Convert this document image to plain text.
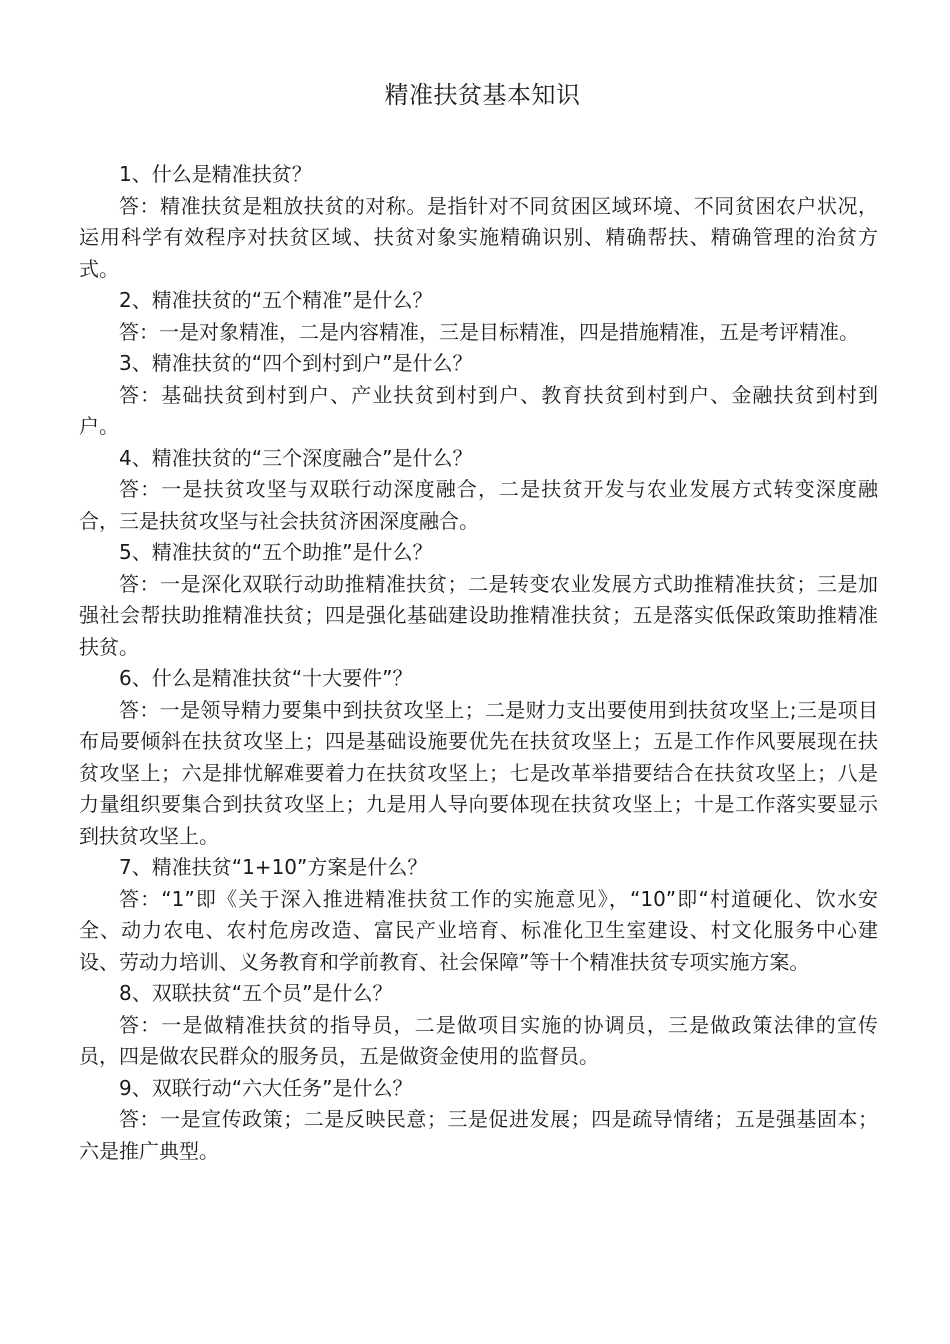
精准扶贫基本知识

1、什么是精准扶贫？

答：精准扶贫是粗放扶贫的对称。是指针对不同贫困区域环境、不同贫困农户状况，运用科学有效程序对扶贫区域、扶贫对象实施精确识别、精确帮扶、精确管理的治贫方式。

2、精准扶贫的“五个精准”是什么？

答：一是对象精准，二是内容精准，三是目标精准，四是措施精准，五是考评精准。

3、精准扶贫的“四个到村到户”是什么？

答：基础扶贫到村到户、产业扶贫到村到户、教育扶贫到村到户、金融扶贫到村到户。

4、精准扶贫的“三个深度融合”是什么？

答：一是扶贫攻坚与双联行动深度融合，二是扶贫开发与农业发展方式转变深度融合，三是扶贫攻坚与社会扶贫济困深度融合。

5、精准扶贫的“五个助推”是什么？

答：一是深化双联行动助推精准扶贫；二是转变农业发展方式助推精准扶贫；三是加强社会帮扶助推精准扶贫；四是强化基础建设助推精准扶贫；五是落实低保政策助推精准扶贫。

6、什么是精准扶贫“十大要件”？

答：一是领导精力要集中到扶贫攻坚上；二是财力支出要使用到扶贫攻坚上;三是项目布局要倾斜在扶贫攻坚上；四是基础设施要优先在扶贫攻坚上；五是工作作风要展现在扶贫攻坚上；六是排忧解难要着力在扶贫攻坚上；七是改革举措要结合在扶贫攻坚上；八是力量组织要集合到扶贫攻坚上；九是用人导向要体现在扶贫攻坚上；十是工作落实要显示到扶贫攻坚上。

7、精准扶贫“1+10”方案是什么？

答：“1”即《关于深入推进精准扶贫工作的实施意见》，“10”即“村道硬化、饮水安全、动力农电、农村危房改造、富民产业培育、标准化卫生室建设、村文化服务中心建设、劳动力培训、义务教育和学前教育、社会保障”等十个精准扶贫专项实施方案。

8、双联扶贫“五个员”是什么？

答：一是做精准扶贫的指导员，二是做项目实施的协调员，三是做政策法律的宣传员，四是做农民群众的服务员，五是做资金使用的监督员。

9、双联行动“六大任务”是什么？

答：一是宣传政策；二是反映民意；三是促进发展；四是疏导情绪；五是强基固本；六是推广典型。
